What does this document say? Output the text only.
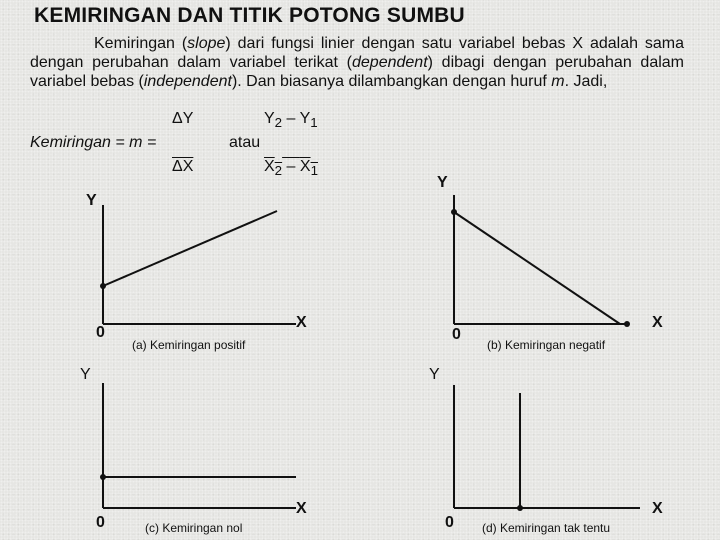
KEMIRINGAN DAN TITIK POTONG SUMBU
Kemiringan (slope) dari fungsi linier dengan satu variabel bebas X adalah sama dengan perubahan dalam variabel terikat (dependent) dibagi dengan perubahan dalam variabel bebas (independent). Dan biasanya dilambangkan dengan huruf m. Jadi,
Kemiringan = m =
ΔY
$\overline{\Delta X}$
atau
$Y_2 - Y_1$
$X_2 - X_1$
Y
0
X
(a) Kemiringan positif
Y
0
X
(b) Kemiringan negatif
Y
0
X
(c) Kemiringan nol
Y
0
X
(d) Kemiringan tak tentu
